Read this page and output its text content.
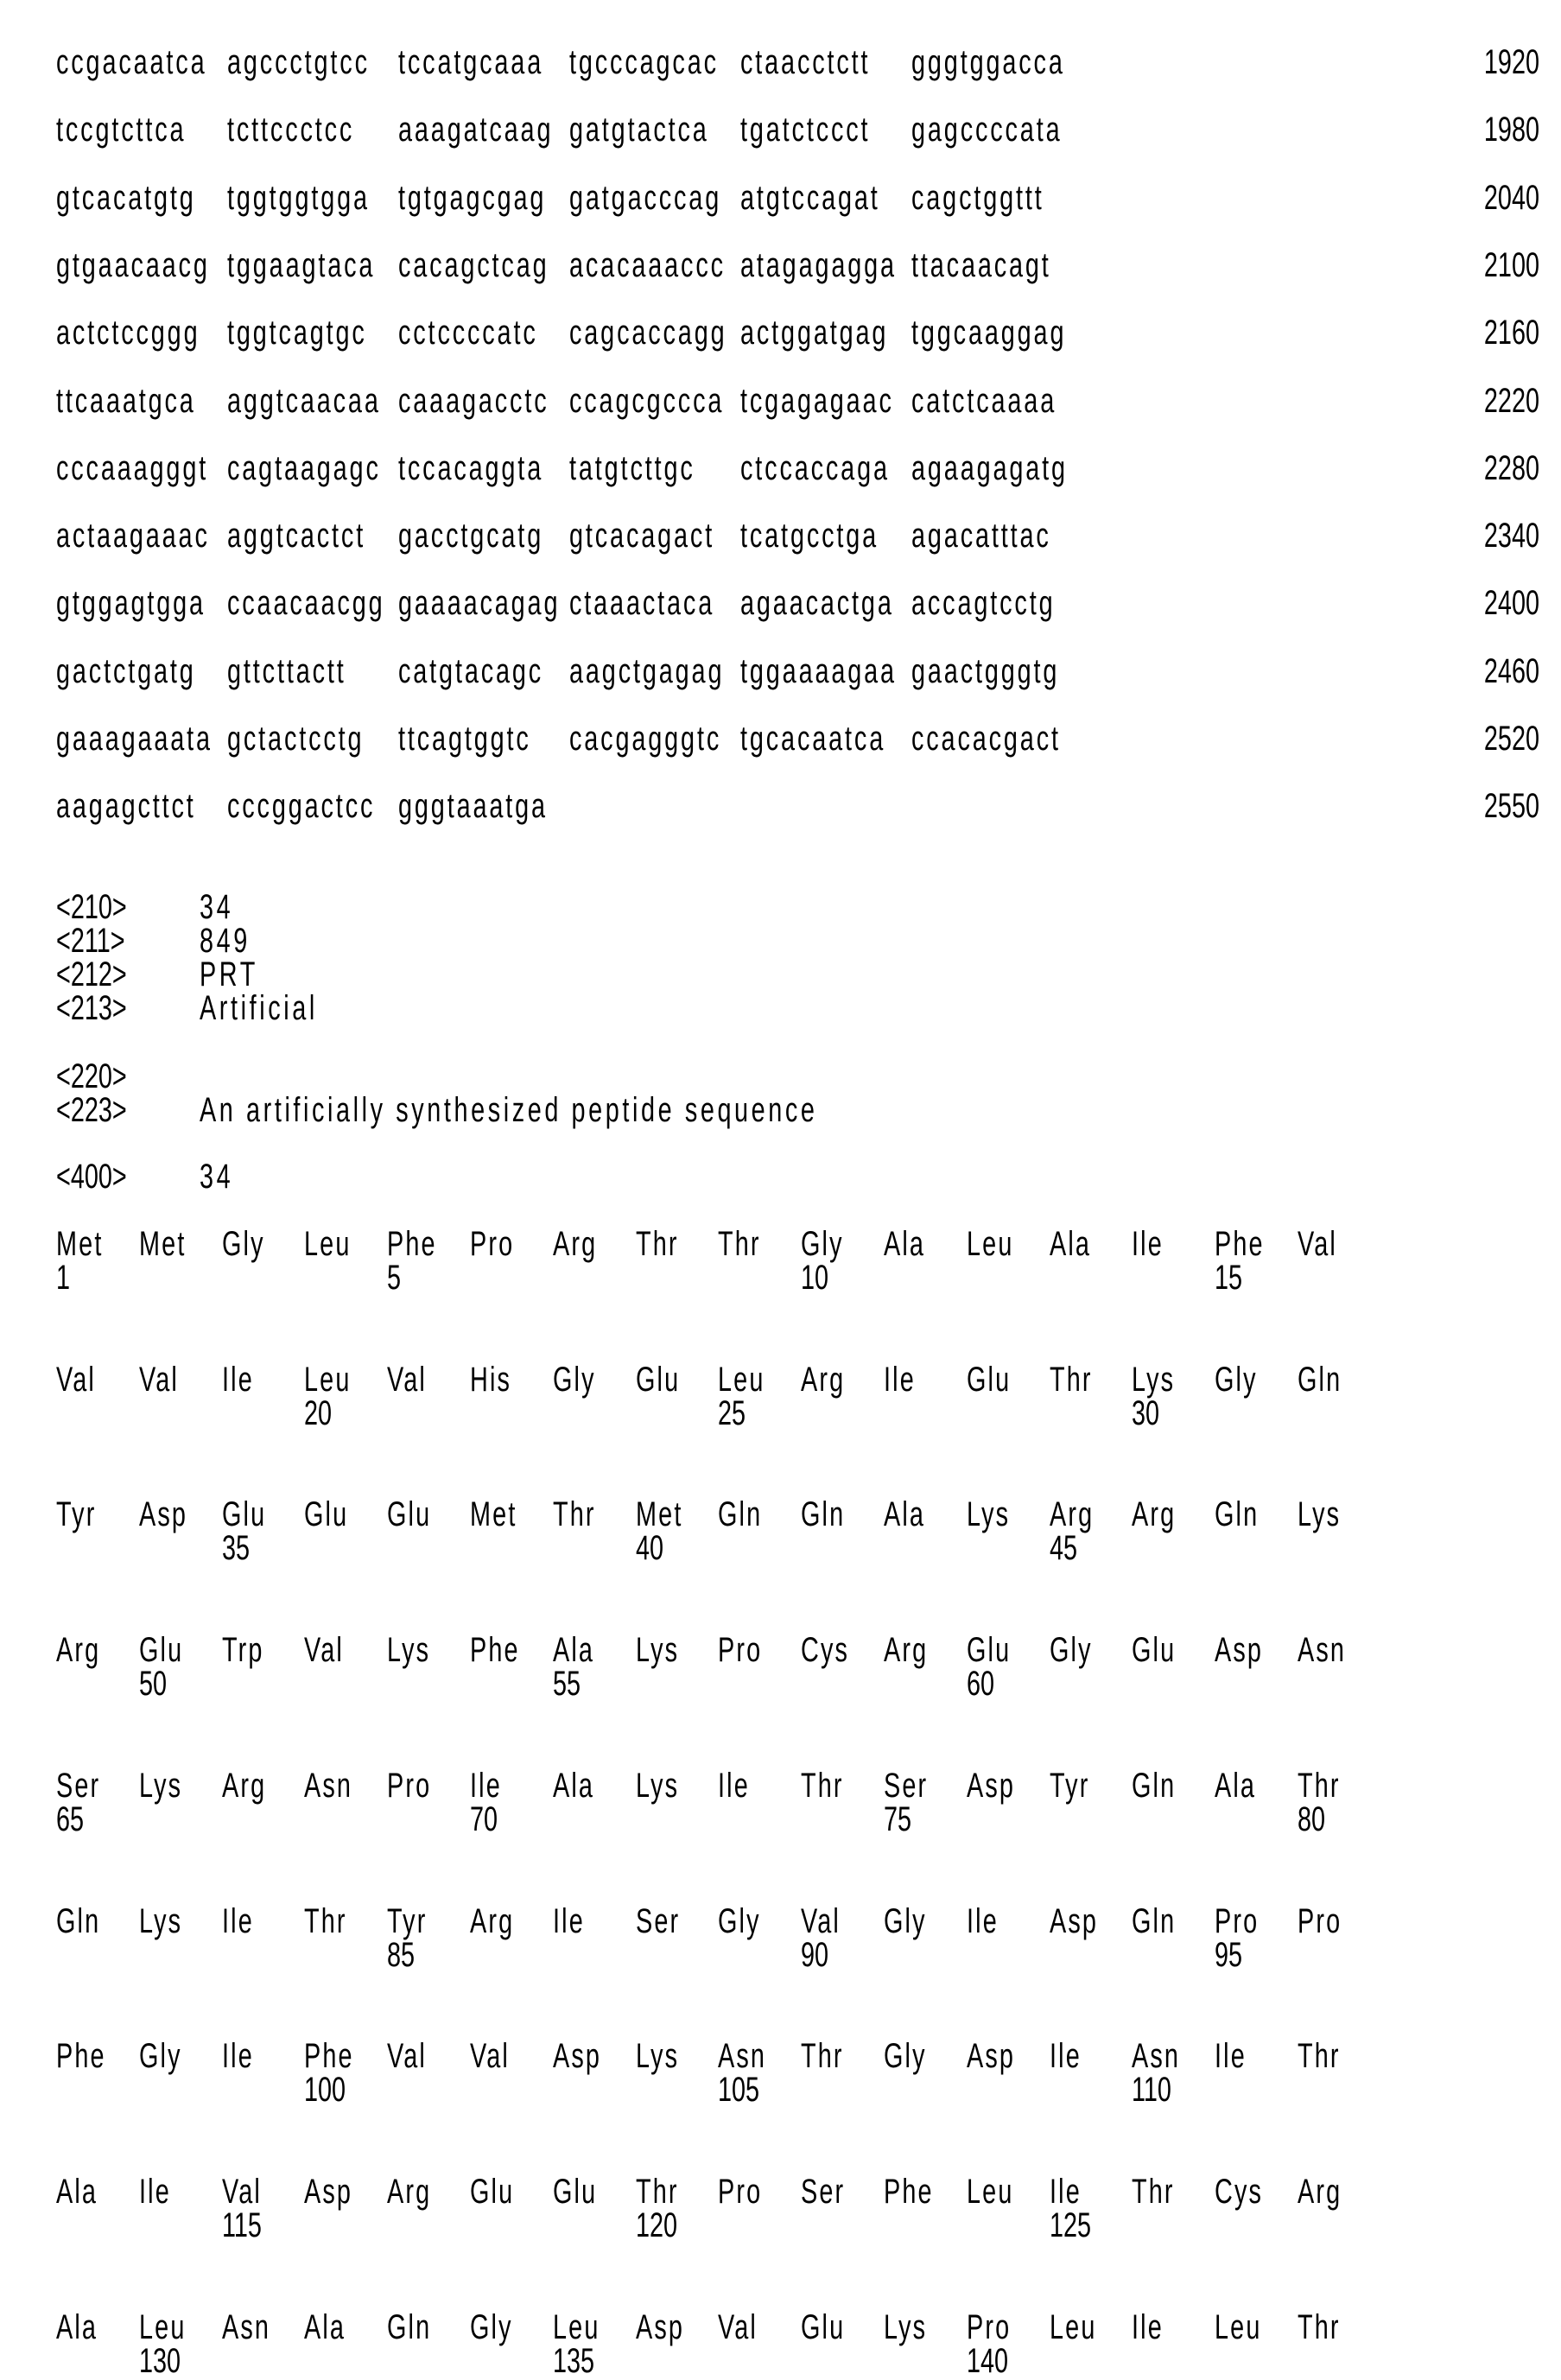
ccgacaatca agccctgtcc tccatgcaaa tgcccagcac ctaacctctt gggtggacca	1920
tccgtcttca tcttccctcc aaagatcaag gatgtactca tgatctccct gagccccata	1980
gtcacatgtg tggtggtgga tgtgagcgag gatgacccag atgtccagat cagctggttt	2040
gtgaacaacg tggaagtaca cacagctcag acacaaaccc atagagagga ttacaacagt	2100
actctccggg tggtcagtgc cctccccatc cagcaccagg actggatgag tggcaaggag	2160
ttcaaatgca aggtcaacaa caaagacctc ccagcgccca tcgagagaac catctcaaaa	2220
cccaaagggt cagtaagagc tccacaggta tatgtcttgc ctccaccaga agaagagatg	2280
actaagaaac aggtcactct gacctgcatg gtcacagact tcatgcctga agacatttac	2340
gtggagtgga ccaacaacgg gaaaacagag ctaaactaca agaacactga accagtcctg	2400
gactctgatg gttcttactt catgtacagc aagctgagag tggaaaagaa gaactgggtg	2460
gaaagaaata gctactcctg ttcagtggtc cacgagggtc tgcacaatca ccacacgact	2520
aagagcttct cccggactcc gggtaaatga	2550
<210> 34
<211> 849
<212> PRT
<213> Artificial
<220>
<223> An artificially synthesized peptide sequence
<400> 34
Met Met Gly Leu Phe Pro Arg Thr Thr Gly Ala Leu Ala Ile Phe Val
1	5	10	15
Val Val Ile Leu Val His Gly Glu Leu Arg Ile Glu Thr Lys Gly Gln
20	25	30
Tyr Asp Glu Glu Glu Met Thr Met Gln Gln Ala Lys Arg Arg Gln Lys
35	40	45
Arg Glu Trp Val Lys Phe Ala Lys Pro Cys Arg Glu Gly Glu Asp Asn
50	55	60
Ser Lys Arg Asn Pro Ile Ala Lys Ile Thr Ser Asp Tyr Gln Ala Thr
65	70	75	80
Gln Lys Ile Thr Tyr Arg Ile Ser Gly Val Gly Ile Asp Gln Pro Pro
85	90	95
Phe Gly Ile Phe Val Val Asp Lys Asn Thr Gly Asp Ile Asn Ile Thr
100	105	110
Ala Ile Val Asp Arg Glu Glu Thr Pro Ser Phe Leu Ile Thr Cys Arg
115	120	125
Ala Leu Asn Ala Gln Gly Leu Asp Val Glu Lys Pro Leu Ile Leu Thr
130	135	140
